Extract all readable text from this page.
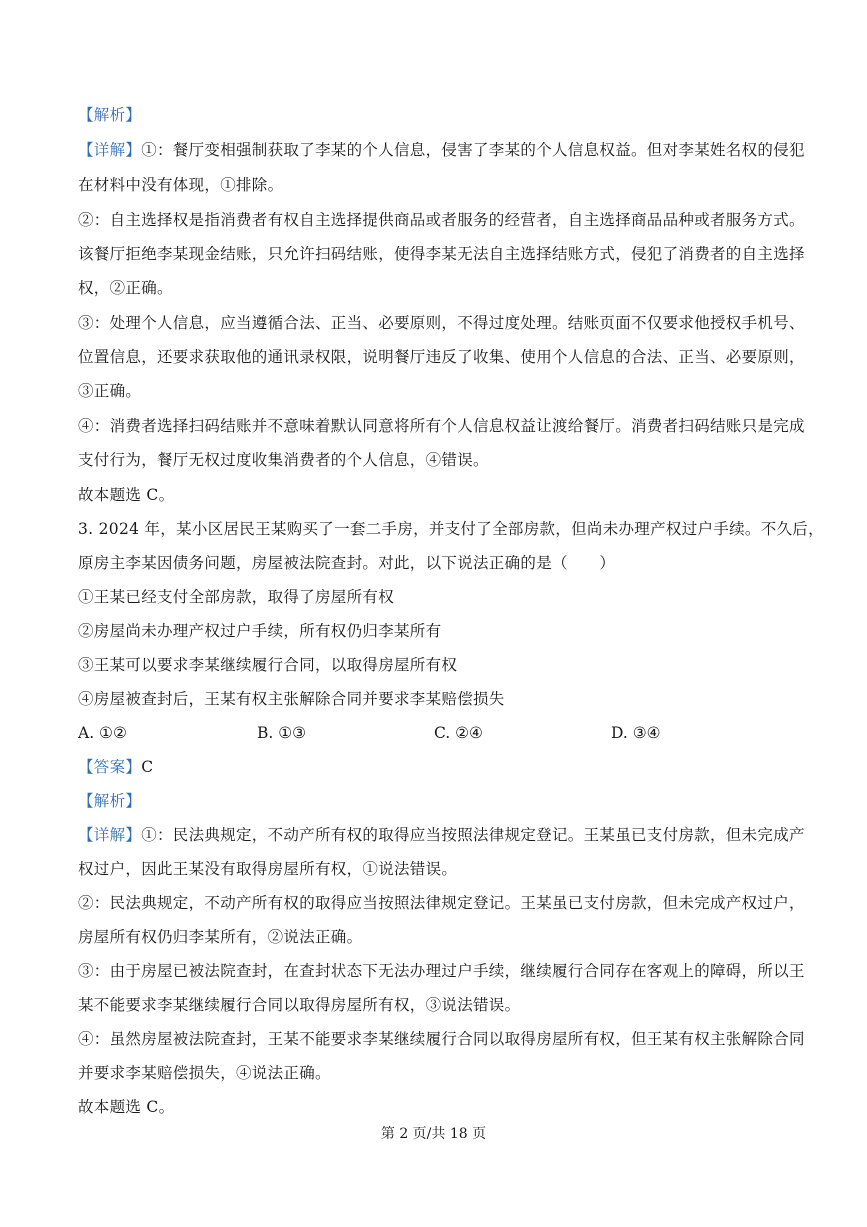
【解析】
【详解】①：餐厅变相强制获取了李某的个人信息，侵害了李某的个人信息权益。但对李某姓名权的侵犯
在材料中没有体现，①排除。
②：自主选择权是指消费者有权自主选择提供商品或者服务的经营者，自主选择商品品种或者服务方式。
该餐厅拒绝李某现金结账，只允许扫码结账，使得李某无法自主选择结账方式，侵犯了消费者的自主选择
权，②正确。
③：处理个人信息，应当遵循合法、正当、必要原则，不得过度处理。结账页面不仅要求他授权手机号、
位置信息，还要求获取他的通讯录权限，说明餐厅违反了收集、使用个人信息的合法、正当、必要原则，
③正确。
④：消费者选择扫码结账并不意味着默认同意将所有个人信息权益让渡给餐厅。消费者扫码结账只是完成
支付行为，餐厅无权过度收集消费者的个人信息，④错误。
故本题选 C。
3. 2024 年，某小区居民王某购买了一套二手房，并支付了全部房款，但尚未办理产权过户手续。不久后，
原房主李某因债务问题，房屋被法院查封。对此，以下说法正确的是（　　）
①王某已经支付全部房款，取得了房屋所有权
②房屋尚未办理产权过户手续，所有权仍归李某所有
③王某可以要求李某继续履行合同，以取得房屋所有权
④房屋被查封后，王某有权主张解除合同并要求李某赔偿损失
A. ①②	B. ①③	C. ②④	D. ③④
【答案】C
【解析】
【详解】①：民法典规定，不动产所有权的取得应当按照法律规定登记。王某虽已支付房款，但未完成产
权过户，因此王某没有取得房屋所有权，①说法错误。
②：民法典规定，不动产所有权的取得应当按照法律规定登记。王某虽已支付房款，但未完成产权过户，
房屋所有权仍归李某所有，②说法正确。
③：由于房屋已被法院查封，在查封状态下无法办理过户手续，继续履行合同存在客观上的障碍，所以王
某不能要求李某继续履行合同以取得房屋所有权，③说法错误。
④：虽然房屋被法院查封，王某不能要求李某继续履行合同以取得房屋所有权，但王某有权主张解除合同
并要求李某赔偿损失，④说法正确。
故本题选 C。
第 2 页/共 18 页
